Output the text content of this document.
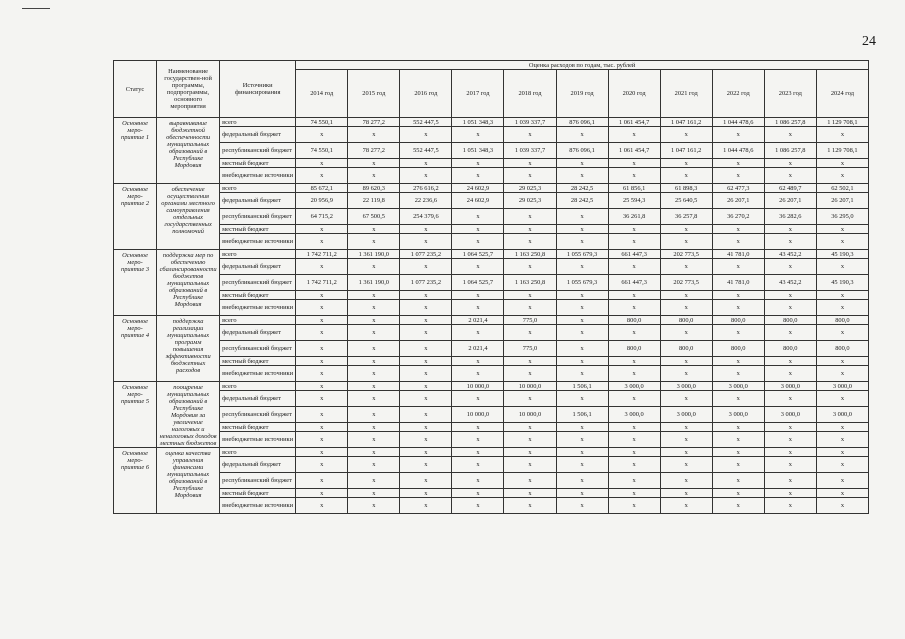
24
Статус	Наименование государствен-ной программы, подпрограммы, основного мероприятия	Источники финансирования	Оценка расходов по годам, тыс. рублей										
			2014 год	2015 год	2016 год	2017 год	2018 год	2019 год	2020 год	2021 год	2022 год	2023 год	2024 год
Основное меро-приятие 1	выравнивание бюджетной обеспеченности муниципальных образований в Республике Мордовия	всего	74 550,1	78 277,2	552 447,5	1 051 348,3	1 039 337,7	876 096,1	1 061 454,7	1 047 161,2	1 044 478,6	1 086 257,8	1 129 708,1
		федеральный бюджет	x	x	x	x	x	x	x	x	x	x	x
		республиканский бюджет	74 550,1	78 277,2	552 447,5	1 051 348,3	1 039 337,7	876 096,1	1 061 454,7	1 047 161,2	1 044 478,6	1 086 257,8	1 129 708,1
		местный бюджет	x	x	x	x	x	x	x	x	x	x	x
		внебюджетные источники	x	x	x	x	x	x	x	x	x	x	x
Основное меро-приятие 2	обеспечение осуществления органами местного самоуправления отдельных государственных полномочий	всего	85 672,1	89 620,3	276 616,2	24 602,9	29 025,3	28 242,5	61 856,1	61 898,3	62 477,3	62 489,7	62 502,1
		федеральный бюджет	20 956,9	22 119,8	22 236,6	24 602,9	29 025,3	28 242,5	25 594,3	25 640,5	26 207,1	26 207,1	26 207,1
		республиканский бюджет	64 715,2	67 500,5	254 379,6	x	x	x	36 261,8	36 257,8	36 270,2	36 282,6	36 295,0
		местный бюджет	x	x	x	x	x	x	x	x	x	x	x
		внебюджетные источники	x	x	x	x	x	x	x	x	x	x	x
Основное меро-приятие 3	поддержка мер по обеспечению сбалансированности бюджетов муниципальных образований в Республике Мордовия	всего	1 742 711,2	1 361 190,0	1 077 235,2	1 064 525,7	1 163 250,8	1 055 679,3	661 447,3	202 773,5	41 781,0	43 452,2	45 190,3
		федеральный бюджет	x	x	x	x	x	x	x	x	x	x	x
		республиканский бюджет	1 742 711,2	1 361 190,0	1 077 235,2	1 064 525,7	1 163 250,8	1 055 679,3	661 447,3	202 773,5	41 781,0	43 452,2	45 190,3
		местный бюджет	x	x	x	x	x	x	x	x	x	x	x
		внебюджетные источники	x	x	x	x	x	x	x	x	x	x	x
Основное меро-приятие 4	поддержка реализации муниципальных программ повышения эффективности бюджетных расходов	всего	x	x	x	2 021,4	775,0	x	800,0	800,0	800,0	800,0	800,0
		федеральный бюджет	x	x	x	x	x	x	x	x	x	x	x
		республиканский бюджет	x	x	x	2 021,4	775,0	x	800,0	800,0	800,0	800,0	800,0
		местный бюджет	x	x	x	x	x	x	x	x	x	x	x
		внебюджетные источники	x	x	x	x	x	x	x	x	x	x	x
Основное меро-приятие 5	поощрение муниципальных образований в Республике Мордовия за увеличение налоговых и неналоговых доходов местных бюджетов	всего	x	x	x	10 000,0	10 000,0	1 506,1	3 000,0	3 000,0	3 000,0	3 000,0	3 000,0
		федеральный бюджет	x	x	x	x	x	x	x	x	x	x	x
		республиканский бюджет	x	x	x	10 000,0	10 000,0	1 506,1	3 000,0	3 000,0	3 000,0	3 000,0	3 000,0
		местный бюджет	x	x	x	x	x	x	x	x	x	x	x
		внебюджетные источники	x	x	x	x	x	x	x	x	x	x	x
Основное меро-приятие 6	оценка качества управления финансами муниципальных образований в Республике Мордовия	всего	x	x	x	x	x	x	x	x	x	x	x
		федеральный бюджет	x	x	x	x	x	x	x	x	x	x	x
		республиканский бюджет	x	x	x	x	x	x	x	x	x	x	x
		местный бюджет	x	x	x	x	x	x	x	x	x	x	x
		внебюджетные источники	x	x	x	x	x	x	x	x	x	x	x
